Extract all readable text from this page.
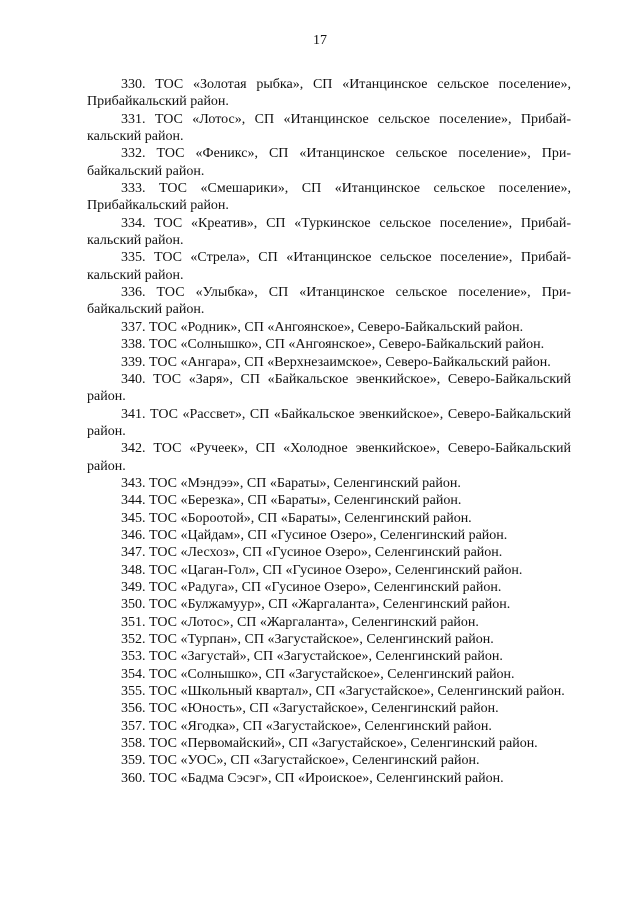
17

330. ТОС «Золотая рыбка», СП «Итанцинское сельское поселение», Прибайкальский район.

331. ТОС «Лотос», СП «Итанцинское сельское поселение», Прибайкальский район.

332. ТОС «Феникс», СП «Итанцинское сельское поселение», Прибайкальский район.

333. ТОС «Смешарики», СП «Итанцинское сельское поселение», Прибайкальский район.

334. ТОС «Креатив», СП «Туркинское сельское поселение», Прибайкальский район.

335. ТОС «Стрела», СП «Итанцинское сельское поселение», Прибайкальский район.

336. ТОС «Улыбка», СП «Итанцинское сельское поселение», Прибайкальский район.

337. ТОС «Родник», СП «Ангоянское», Северо-Байкальский район.

338. ТОС «Солнышко», СП «Ангоянское», Северо-Байкальский район.

339. ТОС «Ангара», СП «Верхнезаимское», Северо-Байкальский район.

340. ТОС «Заря», СП «Байкальское эвенкийское», Северо-Байкальский район.

341. ТОС «Рассвет», СП «Байкальское эвенкийское», Северо-Байкальский район.

342. ТОС «Ручеек», СП «Холодное эвенкийское», Северо-Байкальский район.

343. ТОС «Мэндээ», СП «Бараты», Селенгинский район.

344. ТОС «Березка», СП «Бараты», Селенгинский район.

345. ТОС «Бороотой», СП «Бараты», Селенгинский район.

346. ТОС «Цайдам», СП «Гусиное Озеро», Селенгинский район.

347. ТОС «Лесхоз», СП «Гусиное Озеро», Селенгинский район.

348. ТОС «Цаган-Гол», СП «Гусиное Озеро», Селенгинский район.

349. ТОС «Радуга», СП «Гусиное Озеро», Селенгинский район.

350. ТОС «Булжамуур», СП «Жаргаланта», Селенгинский район.

351. ТОС «Лотос», СП «Жаргаланта», Селенгинский район.

352. ТОС «Турпан», СП «Загустайское», Селенгинский район.

353. ТОС «Загустай», СП «Загустайское», Селенгинский район.

354. ТОС «Солнышко», СП «Загустайское», Селенгинский район.

355. ТОС «Школьный квартал», СП «Загустайское», Селенгинский район.

356. ТОС «Юность», СП «Загустайское», Селенгинский район.

357. ТОС «Ягодка», СП «Загустайское», Селенгинский район.

358. ТОС «Первомайский», СП «Загустайское», Селенгинский район.

359. ТОС «УОС», СП «Загустайское», Селенгинский район.

360. ТОС «Бадма Сэсэг», СП «Ироиское», Селенгинский район.
